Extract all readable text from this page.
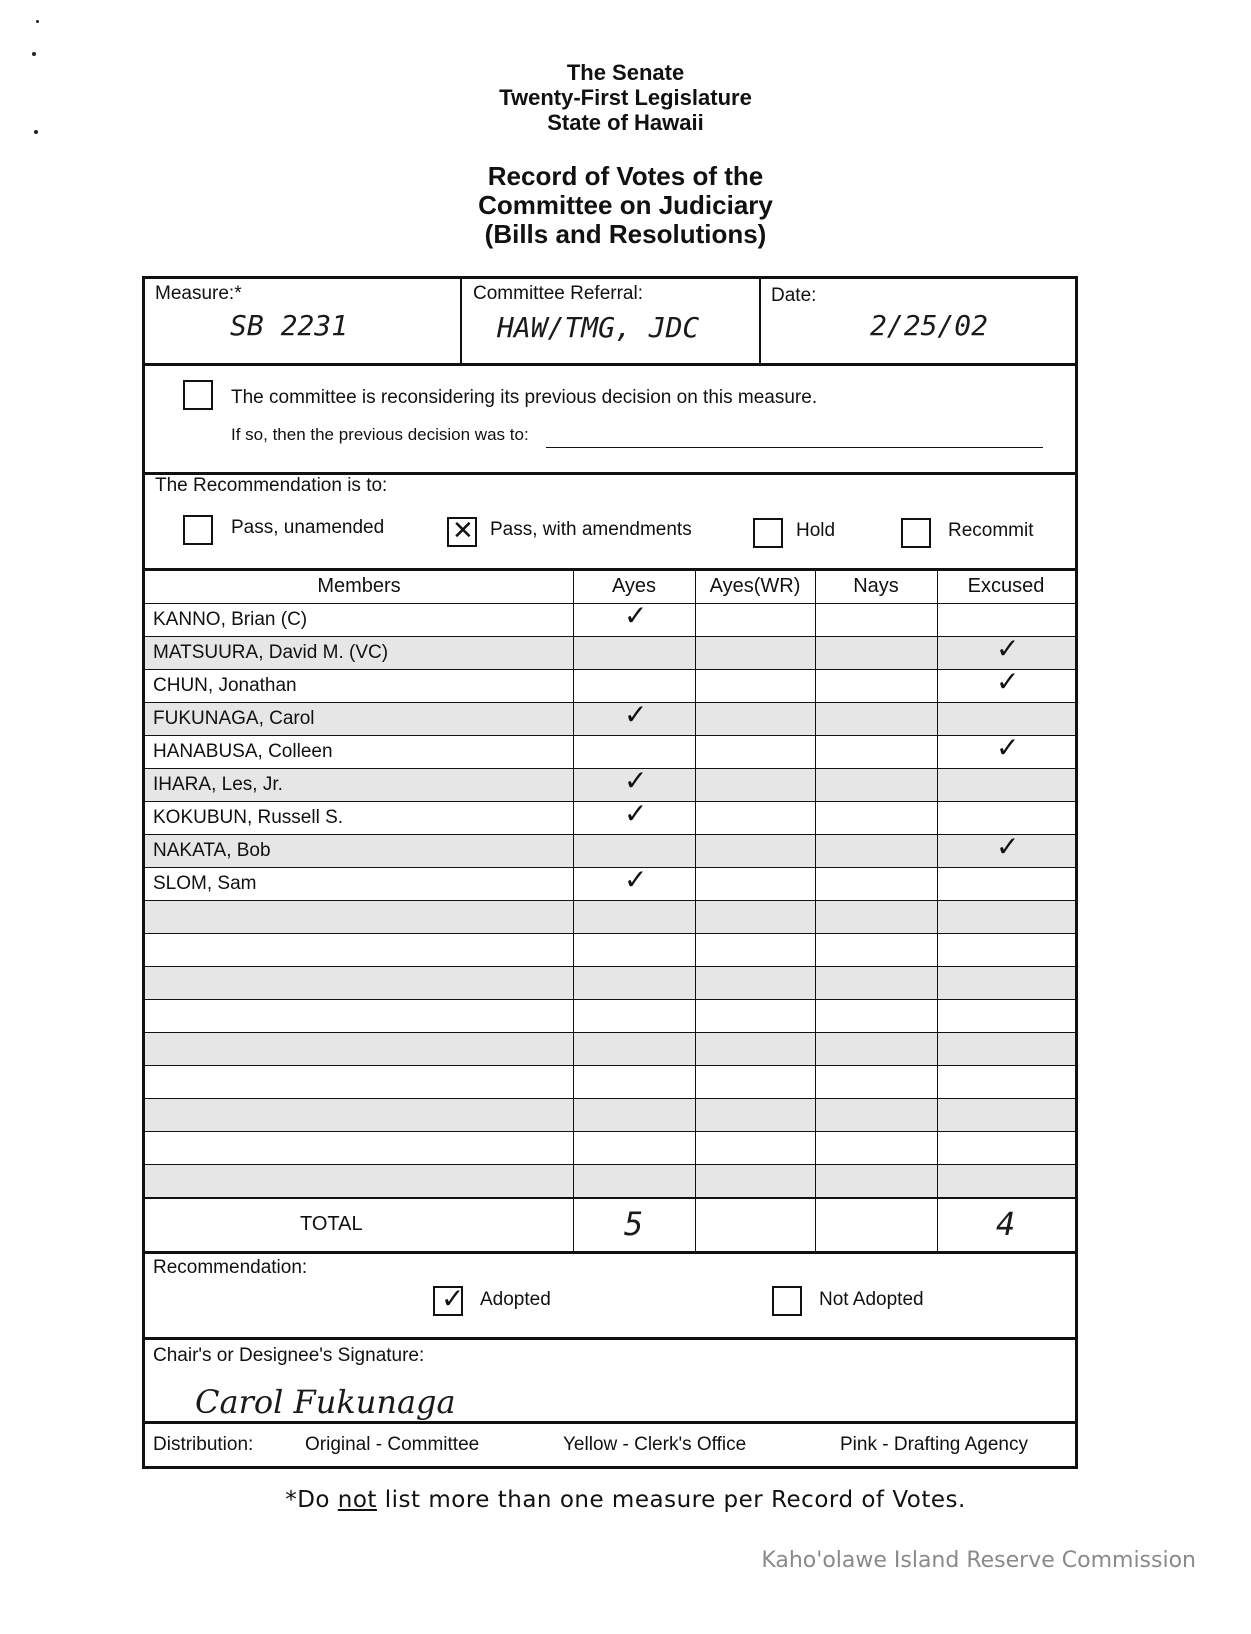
The Senate
Twenty-First Legislature
State of Hawaii
Record of Votes of the
Committee on Judiciary
(Bills and Resolutions)
Measure:*
SB 2231
Committee Referral:
HAW/TMG, JDC
Date:
2/25/02
The committee is reconsidering its previous decision on this measure.
If so, then the previous decision was to:
The Recommendation is to:
Pass, unamended
✕	Pass, with amendments	Hold	Recommit
Members	Ayes	Ayes(WR)	Nays	Excused
KANNO, Brian (C)	✓
MATSUURA, David M. (VC)	✓
CHUN, Jonathan	✓
FUKUNAGA, Carol	✓
HANABUSA, Colleen	✓
IHARA, Les, Jr.	✓
KOKUBUN, Russell S.	✓
NAKATA, Bob	✓
SLOM, Sam	✓
TOTAL	5	4
Recommendation:
✓
Adopted	Not Adopted
Chair's or Designee's Signature:
Carol Fukunaga
Distribution:	Original - Committee	Yellow - Clerk's Office	Pink - Drafting Agency
*Do not list more than one measure per Record of Votes.
Kaho'olawe Island Reserve Commission
